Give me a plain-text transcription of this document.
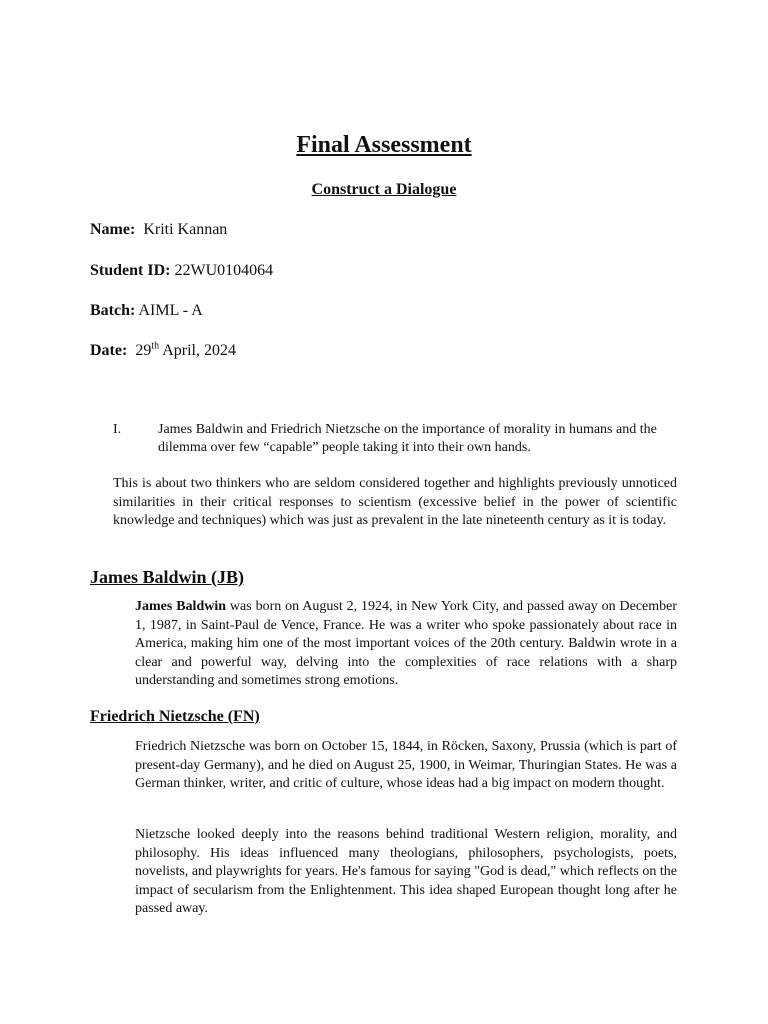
Final Assessment
Construct a Dialogue
Name: Kriti Kannan
Student ID: 22WU0104064
Batch: AIML - A
Date: 29th April, 2024
I.	James Baldwin and Friedrich Nietzsche on the importance of morality in humans and the dilemma over few “capable” people taking it into their own hands.
This is about two thinkers who are seldom considered together and highlights previously unnoticed similarities in their critical responses to scientism (excessive belief in the power of scientific knowledge and techniques) which was just as prevalent in the late nineteenth century as it is today.
James Baldwin (JB)
James Baldwin was born on August 2, 1924, in New York City, and passed away on December 1, 1987, in Saint-Paul de Vence, France. He was a writer who spoke passionately about race in America, making him one of the most important voices of the 20th century. Baldwin wrote in a clear and powerful way, delving into the complexities of race relations with a sharp understanding and sometimes strong emotions.
Friedrich Nietzsche (FN)
Friedrich Nietzsche was born on October 15, 1844, in Röcken, Saxony, Prussia (which is part of present-day Germany), and he died on August 25, 1900, in Weimar, Thuringian States. He was a German thinker, writer, and critic of culture, whose ideas had a big impact on modern thought.
Nietzsche looked deeply into the reasons behind traditional Western religion, morality, and philosophy. His ideas influenced many theologians, philosophers, psychologists, poets, novelists, and playwrights for years. He's famous for saying "God is dead," which reflects on the impact of secularism from the Enlightenment. This idea shaped European thought long after he passed away.
